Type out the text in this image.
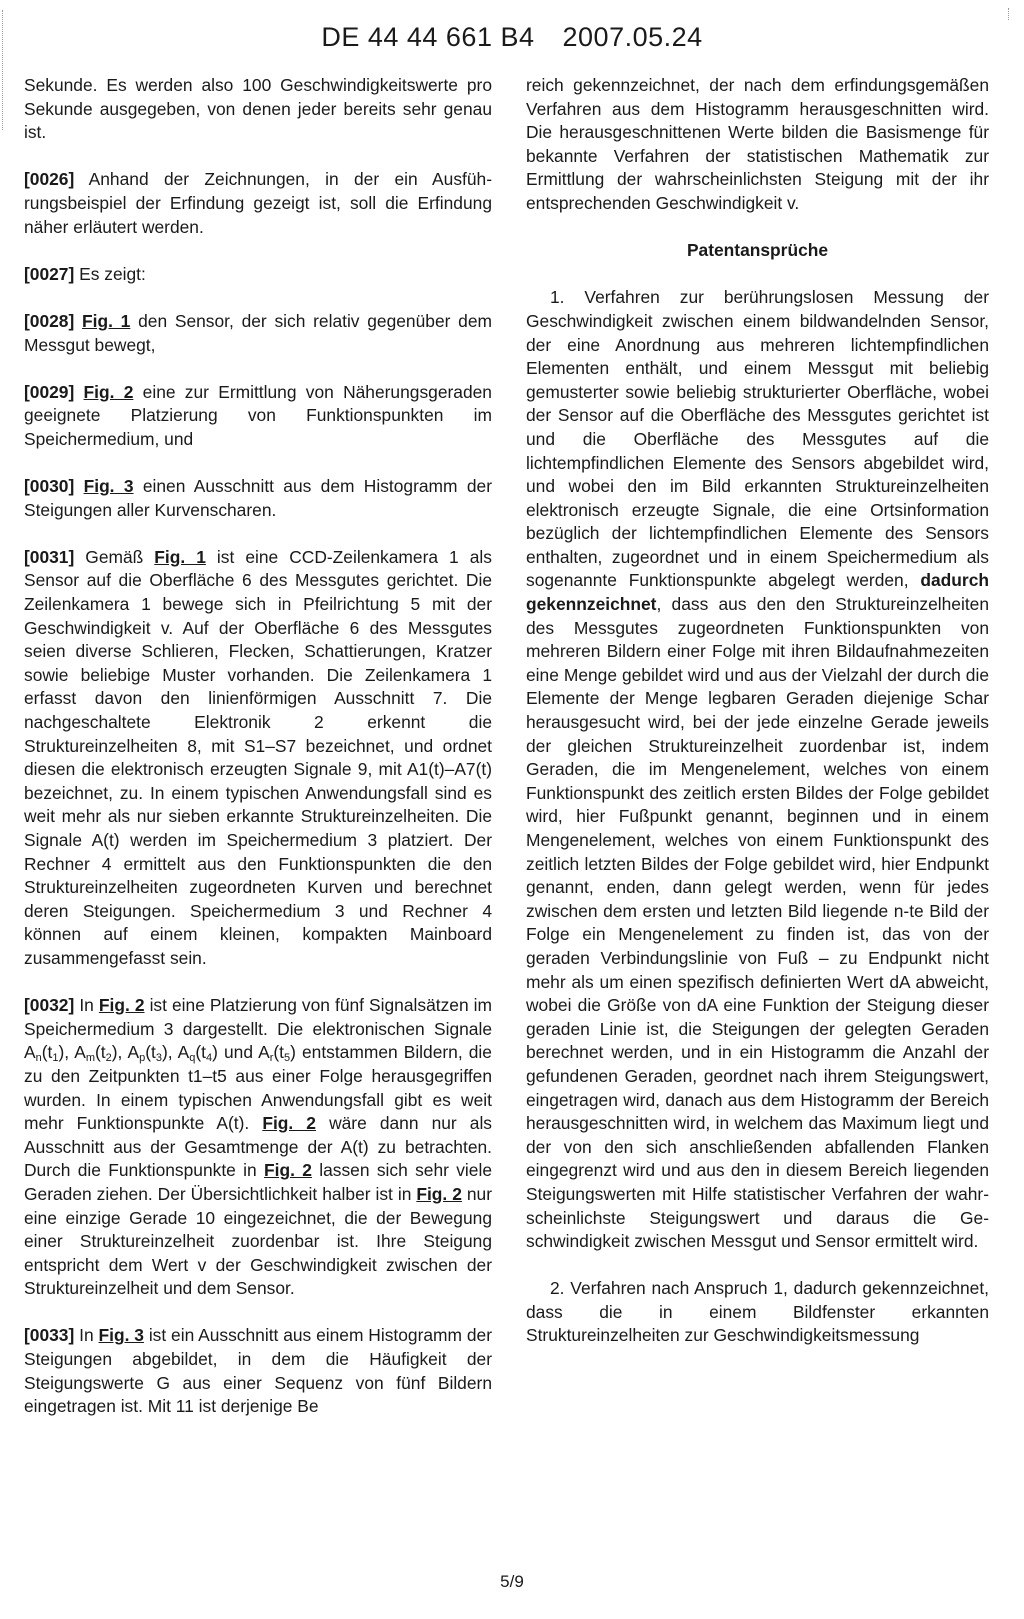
DE 44 44 661 B4 2007.05.24

Sekunde. Es werden also 100 Geschwindigkeitswerte pro Sekunde ausgegeben, von denen jeder bereits sehr genau ist.

[0026] Anhand der Zeichnungen, in der ein Ausführungsbeispiel der Erfindung gezeigt ist, soll die Erfindung näher erläutert werden.

[0027] Es zeigt:

[0028] Fig. 1 den Sensor, der sich relativ gegenüber dem Messgut bewegt,

[0029] Fig. 2 eine zur Ermittlung von Näherungsgeraden geeignete Platzierung von Funktionspunkten im Speichermedium, und

[0030] Fig. 3 einen Ausschnitt aus dem Histogramm der Steigungen aller Kurvenscharen.

[0031] Gemäß Fig. 1 ist eine CCD-Zeilenkamera 1 als Sensor auf die Oberfläche 6 des Messgutes gerichtet. Die Zeilenkamera 1 bewege sich in Pfeilrichtung 5 mit der Geschwindigkeit v. Auf der Oberfläche 6 des Messgutes seien diverse Schlieren, Flecken, Schattierungen, Kratzer sowie beliebige Muster vorhanden. Die Zeilenkamera 1 erfasst davon den linienförmigen Ausschnitt 7. Die nachgeschaltete Elektronik 2 erkennt die Struktureinzelheiten 8, mit S1–S7 bezeichnet, und ordnet diesen die elektronisch erzeugten Signale 9, mit A1(t)–A7(t) bezeichnet, zu. In einem typischen Anwendungsfall sind es weit mehr als nur sieben erkannte Struktureinzelheiten. Die Signale A(t) werden im Speichermedium 3 platziert. Der Rechner 4 ermittelt aus den Funktionspunkten die den Struktureinzelheiten zugeordneten Kurven und berechnet deren Steigungen. Speichermedium 3 und Rechner 4 können auf einem kleinen, kompakten Mainboard zusammengefasst sein.

[0032] In Fig. 2 ist eine Platzierung von fünf Signalsätzen im Speichermedium 3 dargestellt. Die elektronischen Signale $A_n(t_1)$, $A_m(t_2)$, $A_p(t_3)$, $A_q(t_4)$ und $A_r(t_5)$ entstammen Bildern, die zu den Zeitpunkten t1–t5 aus einer Folge herausgegriffen wurden. In einem typischen Anwendungsfall gibt es weit mehr Funktionspunkte A(t). Fig. 2 wäre dann nur als Ausschnitt aus der Gesamtmenge der A(t) zu betrachten. Durch die Funktionspunkte in Fig. 2 lassen sich sehr viele Geraden ziehen. Der Übersichtlichkeit halber ist in Fig. 2 nur eine einzige Gerade 10 eingezeichnet, die der Bewegung einer Struktureinzelheit zuordenbar ist. Ihre Steigung entspricht dem Wert v der Geschwindigkeit zwischen der Struktureinzelheit und dem Sensor.

[0033] In Fig. 3 ist ein Ausschnitt aus einem Histogramm der Steigungen abgebildet, in dem die Häufigkeit der Steigungswerte G aus einer Sequenz von fünf Bildern eingetragen ist. Mit 11 ist derjenige Be

reich gekennzeichnet, der nach dem erfindungsgemäßen Verfahren aus dem Histogramm herausgeschnitten wird. Die herausgeschnittenen Werte bilden die Basismenge für bekannte Verfahren der statistischen Mathematik zur Ermittlung der wahrscheinlichsten Steigung mit der ihr entsprechenden Geschwindigkeit v.

Patentansprüche

1. Verfahren zur berührungslosen Messung der Geschwindigkeit zwischen einem bildwandelnden Sensor, der eine Anordnung aus mehreren lichtempfindlichen Elementen enthält, und einem Messgut mit beliebig gemusterter sowie beliebig strukturierter Oberfläche, wobei der Sensor auf die Oberfläche des Messgutes gerichtet ist und die Oberfläche des Messgutes auf die lichtempfindlichen Elemente des Sensors abgebildet wird, und wobei den im Bild erkannten Struktureinzelheiten elektronisch erzeugte Signale, die eine Ortsinformation bezüglich der lichtempfindlichen Elemente des Sensors enthalten, zugeordnet und in einem Speichermedium als sogenannte Funktionspunkte abgelegt werden, dadurch gekennzeichnet, dass aus den den Struktureinzelheiten des Messgutes zugeordneten Funktionspunkten von mehreren Bildern einer Folge mit ihren Bildaufnahmezeiten eine Menge gebildet wird und aus der Vielzahl der durch die Elemente der Menge legbaren Geraden diejenige Schar herausgesucht wird, bei der jede einzelne Gerade jeweils der gleichen Struktureinzelheit zuordenbar ist, indem Geraden, die im Mengenelement, welches von einem Funktionspunkt des zeitlich ersten Bildes der Folge gebildet wird, hier Fußpunkt genannt, beginnen und in einem Mengenelement, welches von einem Funktionspunkt des zeitlich letzten Bildes der Folge gebildet wird, hier Endpunkt genannt, enden, dann gelegt werden, wenn für jedes zwischen dem ersten und letzten Bild liegende n-te Bild der Folge ein Mengenelement zu finden ist, das von der geraden Verbindungslinie von Fuß – zu Endpunkt nicht mehr als um einen spezifisch definierten Wert dA abweicht, wobei die Größe von dA eine Funktion der Steigung dieser geraden Linie ist, die Steigungen der gelegten Geraden berechnet werden, und in ein Histogramm die Anzahl der gefundenen Geraden, geordnet nach ihrem Steigungswert, eingetragen wird, danach aus dem Histogramm der Bereich herausgeschnitten wird, in welchem das Maximum liegt und der von den sich anschließenden abfallenden Flanken eingegrenzt wird und aus den in diesem Bereich liegenden Steigungswerten mit Hilfe statistischer Verfahren der wahrscheinlichste Steigungswert und daraus die Geschwindigkeit zwischen Messgut und Sensor ermittelt wird.

2. Verfahren nach Anspruch 1, dadurch gekennzeichnet, dass die in einem Bildfenster erkannten Struktureinzelheiten zur Geschwindigkeitsmessung

5/9
